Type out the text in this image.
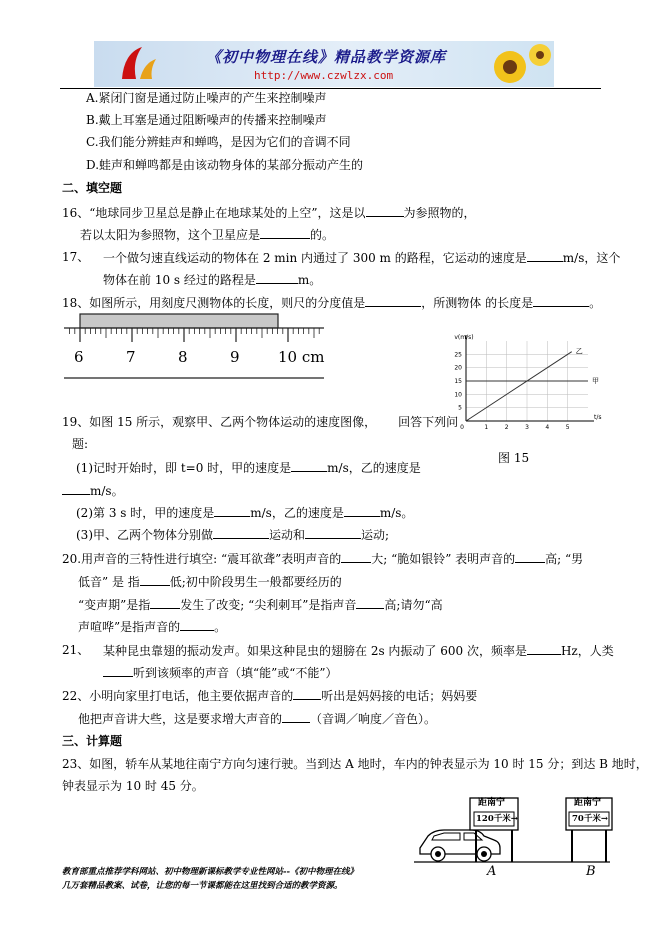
《初中物理在线》精品教学资源库
http://www.czwlzx.com
A.紧闭门窗是通过防止噪声的产生来控制噪声
B.戴上耳塞是通过阻断噪声的传播来控制噪声
C.我们能分辨蛙声和蝉鸣，是因为它们的音调不同
D.蛙声和蝉鸣都是由该动物身体的某部分振动产生的
二、填空题
16、“地球同步卫星总是静止在地球某处的上空”，这是以	为参照物的，
若以太阳为参照物，这个卫星应是	的。
17、 一个做匀速直线运动的物体在 2 min 内通过了 300 m 的路程，它运动的速度是	m/s，这个
物体在前 10 s 经过的路程是	m。
18、如图所示，用刻度尺测物体的长度，则尺的分度值是	，所测物体 的长度是	。
6	7	8	9	10 cm
5
10
15
20
25
0	1	2	3	4	5
v(m/s)
t/s
甲
乙
图 15
19、如图 15 所示，观察甲、乙两个物体运动的速度图像， 回答下列问
题:
(1)记时开始时，即 t=0 时，甲的速度是	m/s，乙的速度是
m/s。
(2)第 3 s 时，甲的速度是	m/s，乙的速度是	m/s。
(3)甲、乙两个物体分别做	运动和	运动;
20.用声音的三特性进行填空: “震耳欲聋”表明声音的	大; “脆如银铃” 表明声音的	高; “男
低音” 是 指	低;初中阶段男生一般都要经历的
“变声期”是指	发生了改变; “尖利刺耳”是指声音 高;请勿“高
声喧哗”是指声音的	。
21、 某种昆虫靠翅的振动发声。如果这种昆虫的翅膀在 2s 内振动了 600 次，频率是	Hz，人类
听到该频率的声音（填“能”或“不能”）
22、小明向家里打电话，他主要依据声音的 听出是妈妈接的电话；妈妈要
他把声音讲大些，这是要求增大声音的 （音调／响度／音色）。
三、计算题
23、如图，轿车从某地往南宁方向匀速行驶。当到达 A 地时，车内的钟表显示为 10 时 15 分；到达 B 地时，
钟表显示为 10 时 45 分。
距南宁
120千米→
A
距南宁
70千米→
B
教育部重点推荐学科网站、初中物理新课标教学专业性网站--《初中物理在线》
几万套精品教案、试卷，让您的每一节课都能在这里找到合适的教学资源。
